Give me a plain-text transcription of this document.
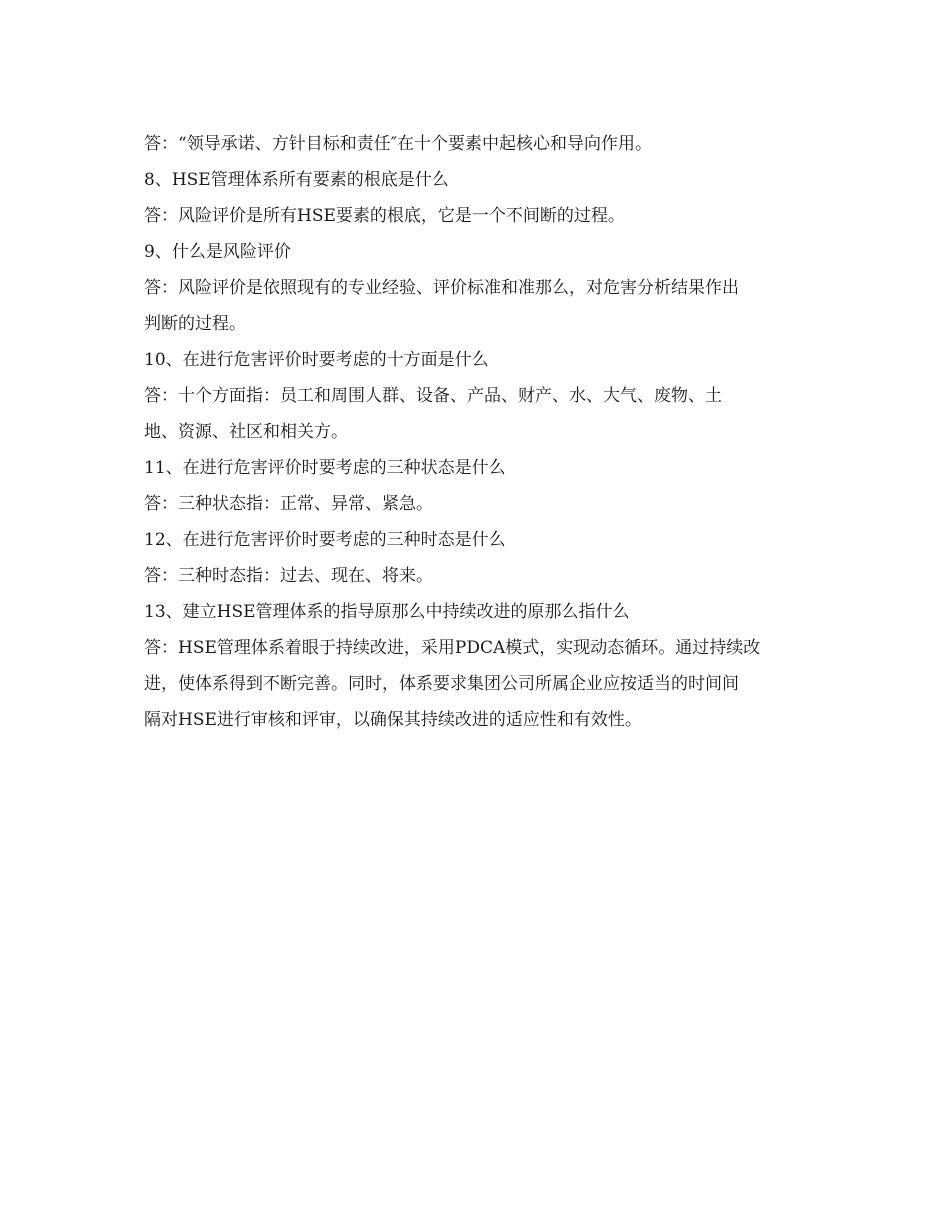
答：“领导承诺、方针目标和责任″在十个要素中起核心和导向作用。
8、HSE管理体系所有要素的根底是什么
答：风险评价是所有HSE要素的根底，它是一个不间断的过程。
9、什么是风险评价
答：风险评价是依照现有的专业经验、评价标准和准那么，对危害分析结果作出
判断的过程。
10、在进行危害评价时要考虑的十方面是什么
答：十个方面指：员工和周围人群、设备、产品、财产、水、大气、废物、土
地、资源、社区和相关方。
11、在进行危害评价时要考虑的三种状态是什么
答：三种状态指：正常、异常、紧急。
12、在进行危害评价时要考虑的三种时态是什么
答：三种时态指：过去、现在、将来。
13、建立HSE管理体系的指导原那么中持续改进的原那么指什么
答：HSE管理体系着眼于持续改进，采用PDCA模式，实现动态循环。通过持续改
进，使体系得到不断完善。同时，体系要求集团公司所属企业应按适当的时间间
隔对HSE进行审核和评审，以确保其持续改进的适应性和有效性。
